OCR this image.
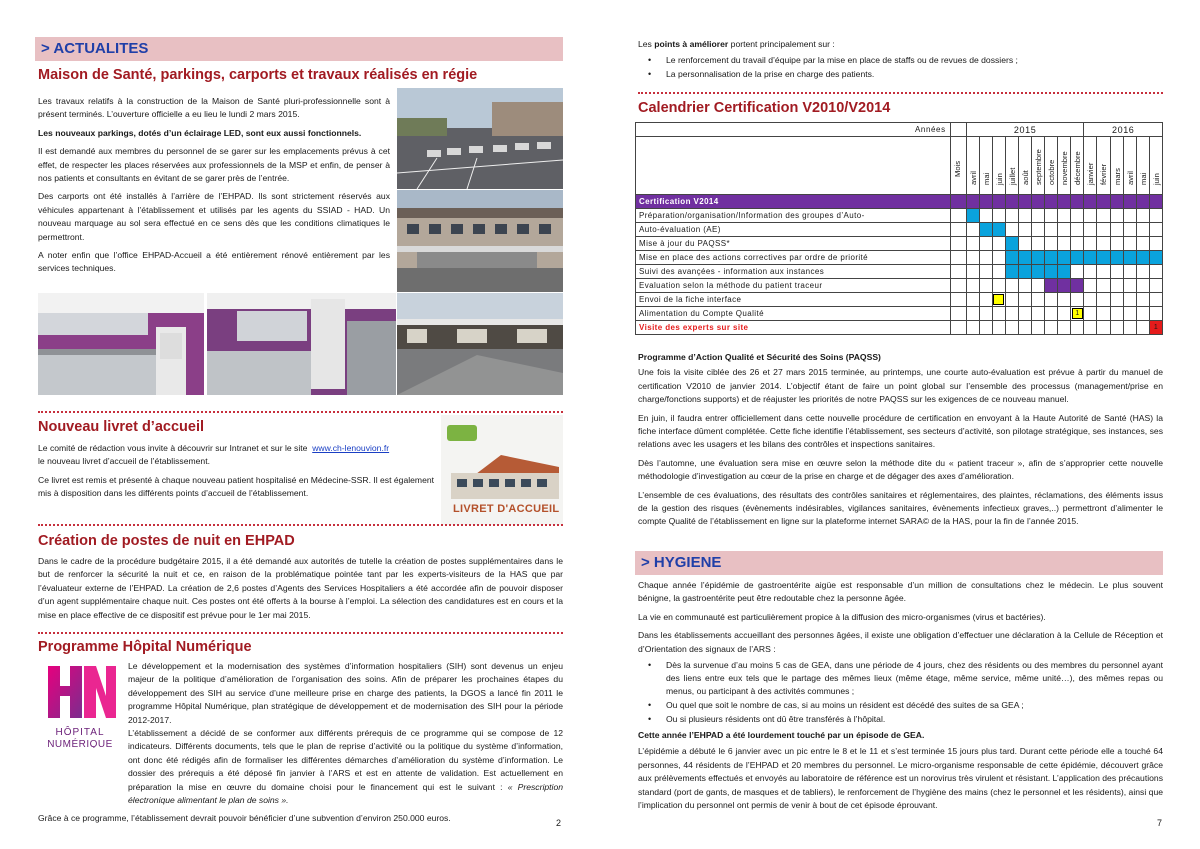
> ACTUALITES
Maison de Santé, parkings, carports et travaux réalisés en régie

Les travaux relatifs à la construction de la Maison de Santé pluri-professionnelle sont à présent terminés. L’ouverture officielle a eu lieu le lundi 2 mars 2015.

Les nouveaux parkings, dotés d’un éclairage LED, sont eux aussi fonctionnels.

Il est demandé aux membres du personnel de se garer sur les emplacements prévus à cet effet, de respecter les places réservées aux professionnels de la MSP et enfin, de penser à nos patients et consultants en évitant de se garer près de l’entrée.

Des carports ont été installés à l’arrière de l’EHPAD. Ils sont strictement réservés aux véhicules appartenant à l’établissement et utilisés par les agents du SSIAD - HAD. Un nouveau marquage au sol sera effectué en ce sens dès que les conditions climatiques le permettront.

A noter enfin que l’office EHPAD-Accueil a été entièrement rénové entièrement par les services techniques.

Nouveau livret d’accueil

Le comité de rédaction vous invite à découvrir sur Intranet et sur le site www.ch-lenouvion.fr
le nouveau livret d’accueil de l’établissement.

Ce livret est remis et présenté à chaque nouveau patient hospitalisé en Médecine-SSR. Il est également mis à disposition dans les différents points d’accueil de l’établissement.

LIVRET D'ACCUEIL
Création de postes de nuit en EHPAD

Dans le cadre de la procédure budgétaire 2015, il a été demandé aux autorités de tutelle la création de postes supplémentaires dans le but de renforcer la sécurité la nuit et ce, en raison de la problématique pointée tant par les experts-visiteurs de la HAS que par l’évaluateur externe de l’EHPAD. La création de 2,6 postes d’Agents des Services Hospitaliers a été accordée afin de pouvoir disposer d’un agent supplémentaire chaque nuit. Ces postes ont été offerts à la bourse à l’emploi. La sélection des candidatures est en cours et la mise en place effective de ce dispositif est prévue pour le 1er mai 2015.

Programme Hôpital Numérique
HÔPITAL
NUMÉRIQUE

Le développement et la modernisation des systèmes d’information hospitaliers (SIH) sont devenus un enjeu majeur de la politique d’amélioration de l’organisation des soins. Afin de préparer les prochaines étapes du développement des SIH au service d’une meilleure prise en charge des patients, la DGOS a lancé fin 2011 le programme Hôpital Numérique, plan stratégique de développement et de modernisation des SIH pour la période 2012-2017.

L’établissement a décidé de se conformer aux différents prérequis de ce programme qui se compose de 12 indicateurs. Différents documents, tels que le plan de reprise d’activité ou la politique du système d’information, ont donc été rédigés afin de formaliser les différentes démarches d’amélioration du système d’information. Le dossier des prérequis a été déposé fin janvier à l’ARS et est en attente de validation. Est actuellement en préparation la mise en œuvre du domaine choisi pour le financement qui est le suivant : « Prescription électronique alimentant le plan de soins ».

Grâce à ce programme, l’établissement devrait pouvoir bénéficier d’une subvention d’environ 250.000 euros.	2

Les points à améliorer portent principalement sur :

• Le renforcement du travail d’équipe par la mise en place de staffs ou de revues de dossiers ;
• La personnalisation de la prise en charge des patients.
Calendrier Certification V2010/V2014
Années		2015									2016					

	Mois	avril	mai	juin	juillet	août	septembre	octobre	novembre	décembre	janvier	février	mars	avril	mai	juin

Certification V2014																
Préparation/organisation/Information des groupes d’Auto-																
Auto-évaluation (AE)																
Mise à jour du PAQSS*																
Mise en place des actions correctives par ordre de priorité																
Suivi des avançées - information aux instances																
Evaluation selon la méthode du patient traceur																
Envoi de la fiche interface				

Alimentation du Compte Qualité										1						

Visite des experts sur site																1

Programme d’Action Qualité et Sécurité des Soins (PAQSS)

Une fois la visite ciblée des 26 et 27 mars 2015 terminée, au printemps, une courte auto-évaluation est prévue à partir du manuel de certification V2010 de janvier 2014. L’objectif étant de faire un point global sur l’ensemble des processus (management/prise en charge/fonctions supports) et de réajuster les priorités de notre PAQSS sur les exigences de ce nouveau manuel.

En juin, il faudra entrer officiellement dans cette nouvelle procédure de certification en envoyant à la Haute Autorité de Santé (HAS) la fiche interface dûment complétée. Cette fiche identifie l’établissement, ses secteurs d’activité, son pilotage stratégique, ses instances, ses relations avec les usagers et les bilans des contrôles et inspections sanitaires.

Dès l’automne, une évaluation sera mise en œuvre selon la méthode dite du « patient traceur », afin de s’approprier cette nouvelle méthodologie d’investigation au cœur de la prise en charge et de dégager des axes d’amélioration.

L’ensemble de ces évaluations, des résultats des contrôles sanitaires et réglementaires, des plaintes, réclamations, des éléments issus de la gestion des risques (évènements indésirables, vigilances sanitaires, évènements infectieux graves,..) permettront d’alimenter le compte Qualité de l’établissement en ligne sur la plateforme internet SARA© de la HAS, pour la fin de l’année 2015.

> HYGIENE

Chaque année l’épidémie de gastroentérite aigüe est responsable d’un million de consultations chez le médecin. Le plus souvent bénigne, la gastroentérite peut être redoutable chez la personne âgée.

La vie en communauté est particulièrement propice à la diffusion des micro-organismes (virus et bactéries).

Dans les établissements accueillant des personnes âgées, il existe une obligation d’effectuer une déclaration à la Cellule de Réception et d’Orientation des signaux de l’ARS :

• Dès la survenue d’au moins 5 cas de GEA, dans une période de 4 jours, chez des résidents ou des membres du personnel ayant des liens entre eux tels que le partage des mêmes lieux (même étage, même service, même unité…), des mêmes repas ou menus, ou participant à des activités communes ;
• Ou quel que soit le nombre de cas, si au moins un résident est décédé des suites de sa GEA ;
• Ou si plusieurs résidents ont dû être transférés à l’hôpital.

Cette année l’EHPAD a été lourdement touché par un épisode de GEA.

L’épidémie a débuté le 6 janvier avec un pic entre le 8 et le 11 et s’est terminée 15 jours plus tard. Durant cette période elle a touché 64 personnes, 44 résidents de l’EHPAD et 20 membres du personnel. Le micro-organisme responsable de cette épidémie, découvert grâce aux prélèvements effectués et envoyés au laboratoire de référence est un norovirus très virulent et résistant. L’application des précautions standard (port de gants, de masques et de tabliers), le renforcement de l’hygiène des mains (chez le personnel et les résidents), ainsi que l’implication du personnel ont permis de venir à bout de cet épisode éprouvant.

7
